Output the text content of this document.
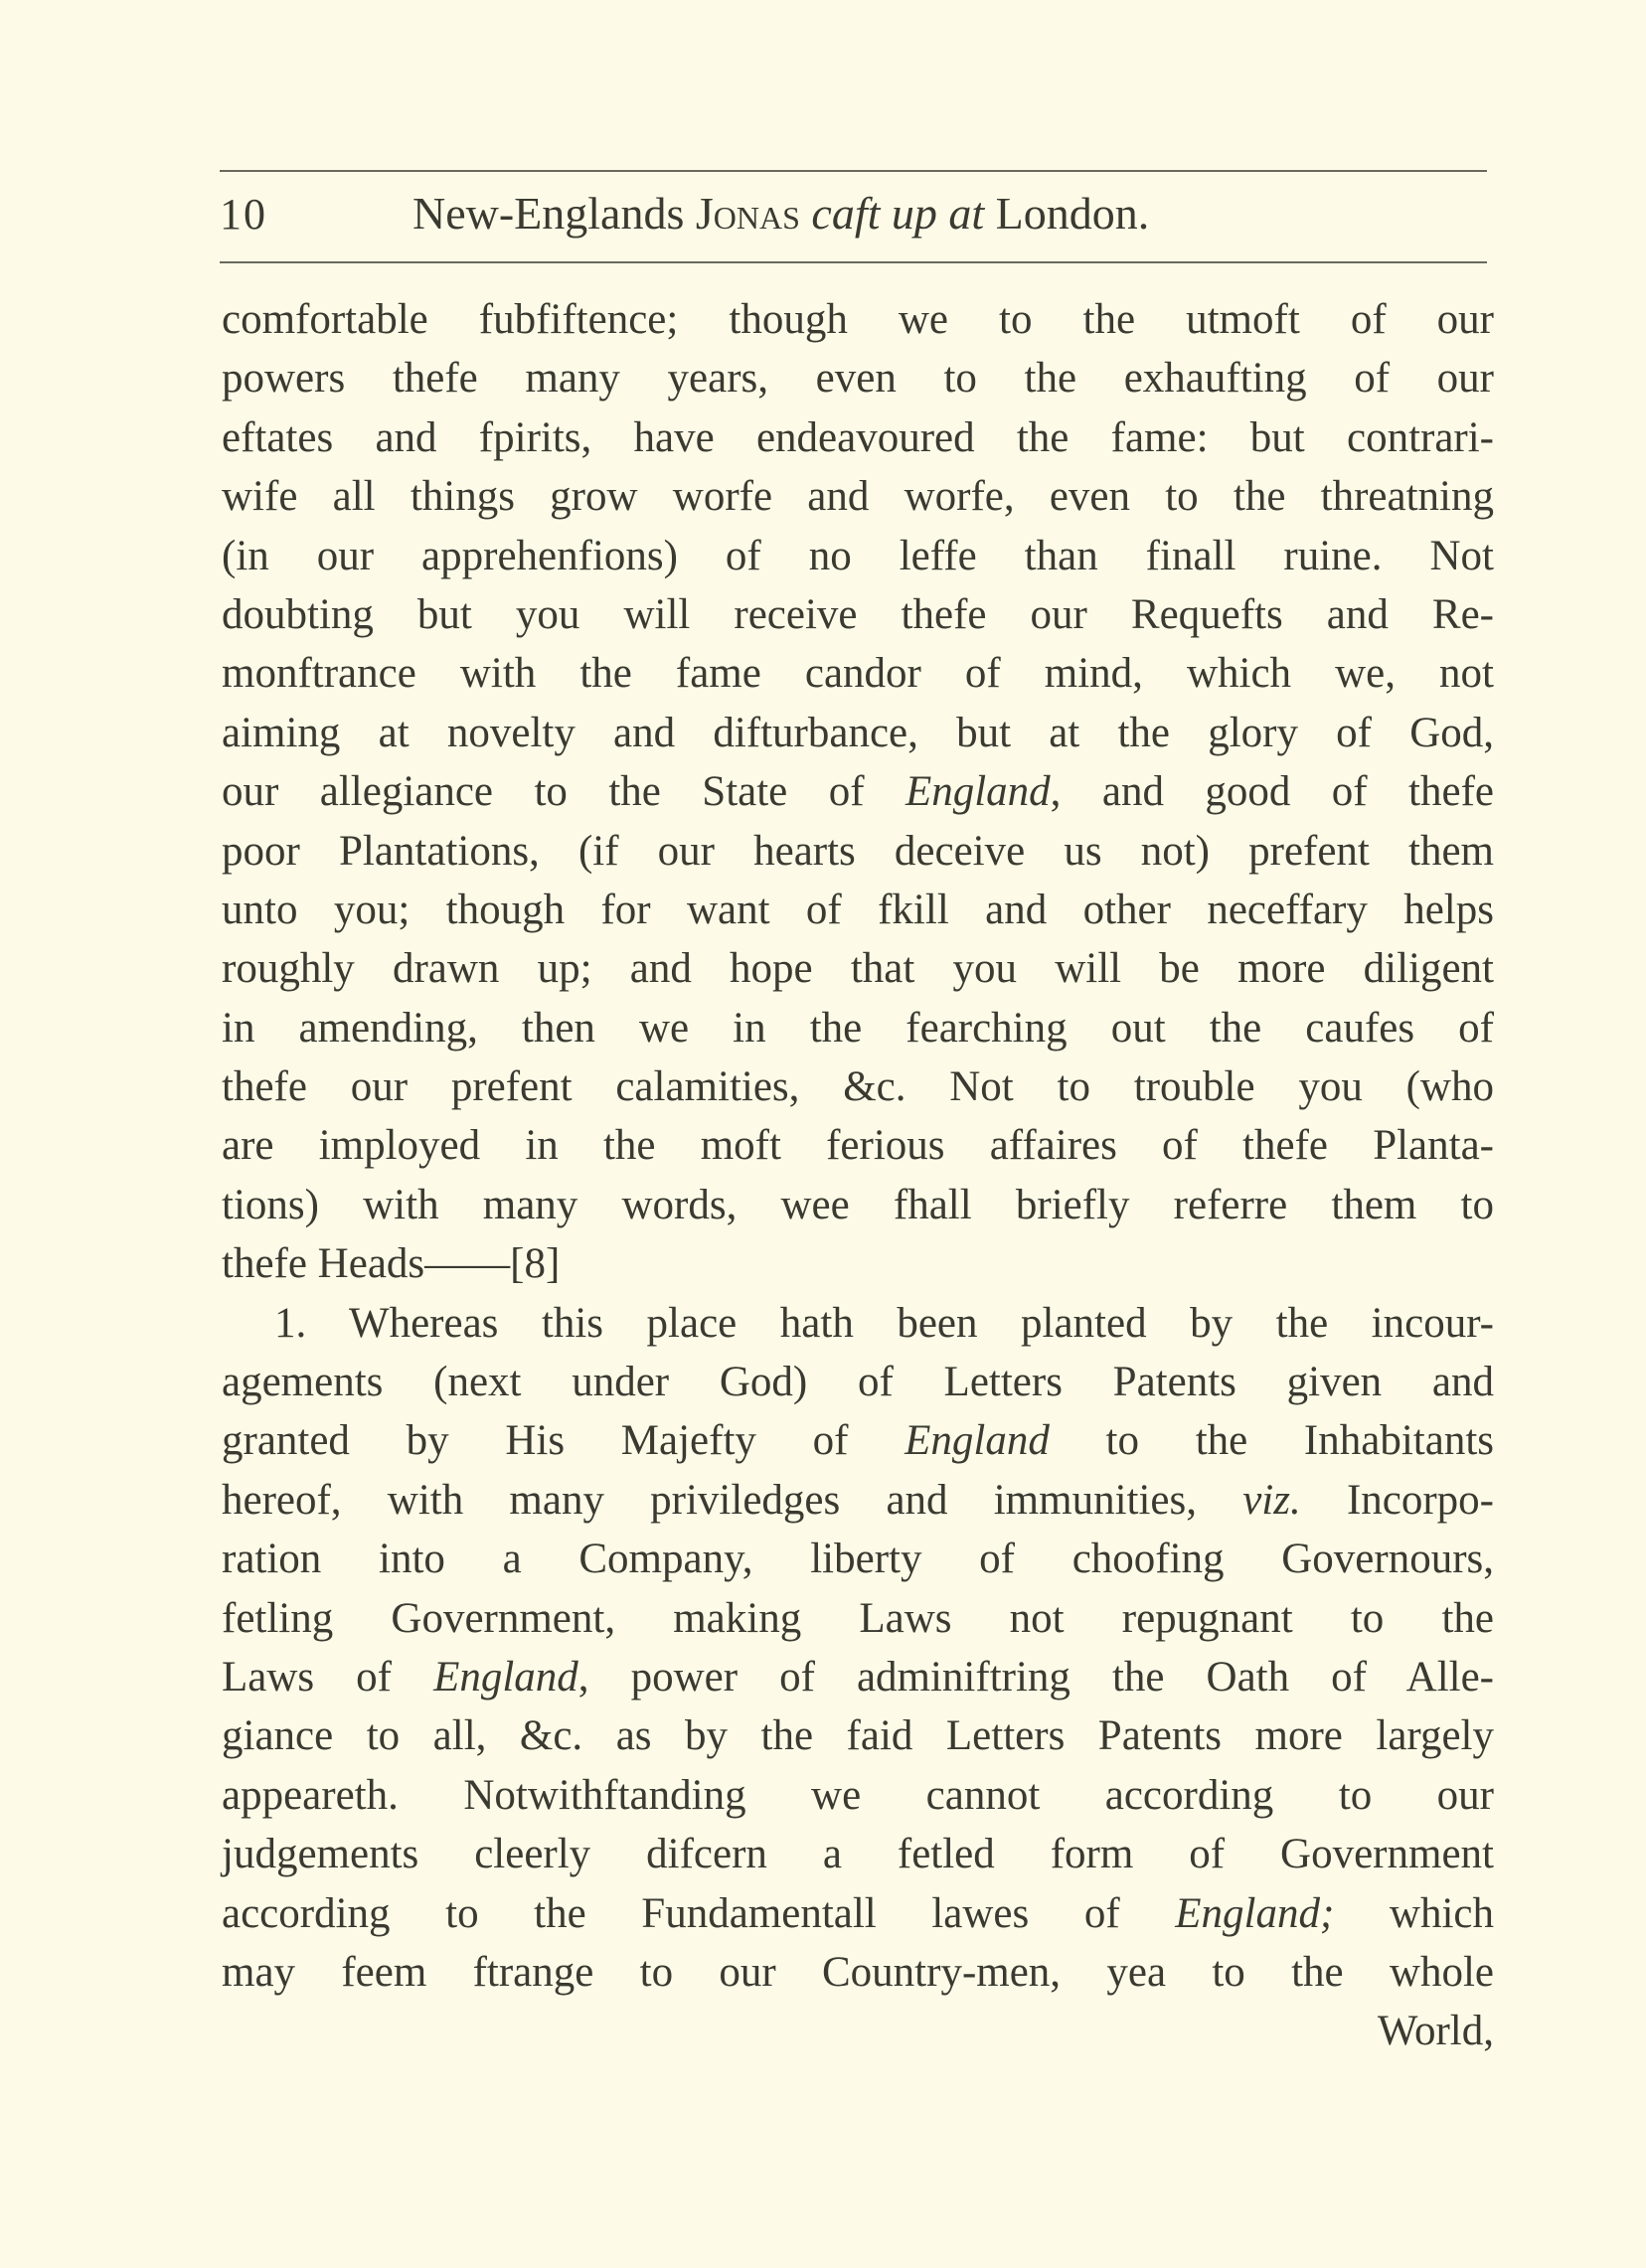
10	New-Englands Jonas caft up at London.
comfortable fubfiftence; though we to the utmoft of our
powers thefe many years, even to the exhaufting of our
eftates and fpirits, have endeavoured the fame: but contrari-
wife all things grow worfe and worfe, even to the threatning
(in our apprehenfions) of no leffe than finall ruine. Not
doubting but you will receive thefe our Requefts and Re-
monftrance with the fame candor of mind, which we, not
aiming at novelty and difturbance, but at the glory of God,
our allegiance to the State of England, and good of thefe
poor Plantations, (if our hearts deceive us not) prefent them
unto you; though for want of fkill and other neceffary helps
roughly drawn up; and hope that you will be more diligent
in amending, then we in the fearching out the caufes of
thefe our prefent calamities, &c. Not to trouble you (who
are imployed in the moft ferious affaires of thefe Planta-
tions) with many words, wee fhall briefly referre them to
thefe Heads——[8]
1. Whereas this place hath been planted by the incour-
agements (next under God) of Letters Patents given and
granted by His Majefty of England to the Inhabitants
hereof, with many priviledges and immunities, viz. Incorpo-
ration into a Company, liberty of choofing Governours,
fetling Government, making Laws not repugnant to the
Laws of England, power of adminiftring the Oath of Alle-
giance to all, &c. as by the faid Letters Patents more largely
appeareth. Notwithftanding we cannot according to our
judgements cleerly difcern a fetled form of Government
according to the Fundamentall lawes of England; which
may feem ftrange to our Country-men, yea to the whole
World,
